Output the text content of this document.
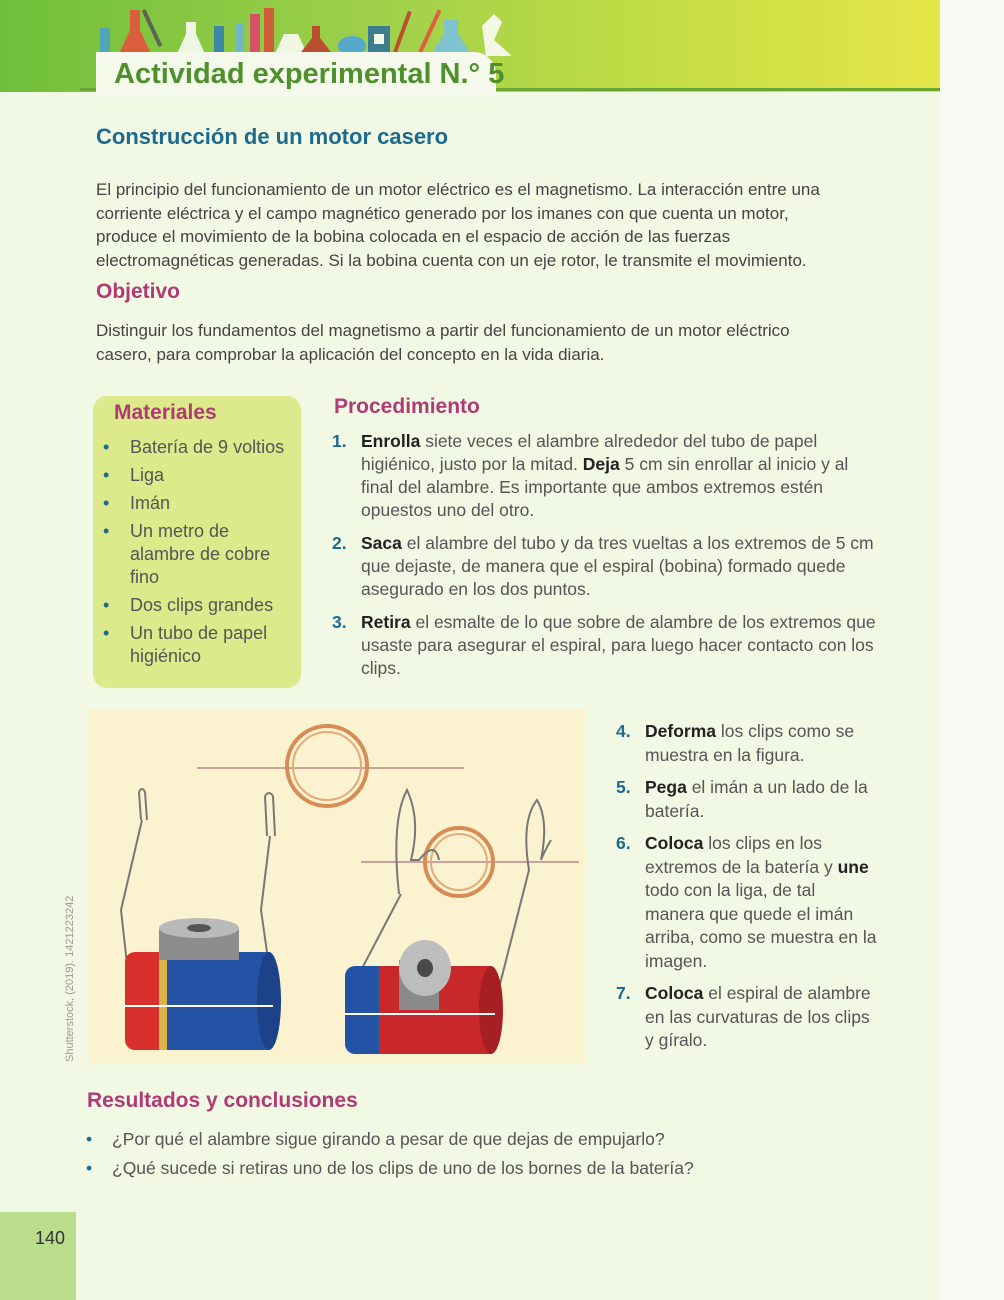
Actividad experimental N.° 5
Construcción de un motor casero
El principio del funcionamiento de un motor eléctrico es el magnetismo. La interacción entre una corriente eléctrica y el campo magnético generado por los imanes con que cuenta un motor, produce el movimiento de la bobina colocada en el espacio de acción de las fuerzas electromagnéticas generadas. Si la bobina cuenta con un eje rotor, le transmite el movimiento.
Objetivo
Distinguir los fundamentos del magnetismo a partir del funcionamiento de un motor eléctrico casero, para comprobar la aplicación del concepto en la vida diaria.
Materiales
• Batería de 9 voltios
• Liga
• Imán
• Un metro de alambre de cobre fino
• Dos clips grandes
• Un tubo de papel higiénico
Procedimiento
1. Enrolla siete veces el alambre alrededor del tubo de papel higiénico, justo por la mitad. Deja 5 cm sin enrollar al inicio y al final del alambre. Es importante que ambos extremos estén opuestos uno del otro.
2. Saca el alambre del tubo y da tres vueltas a los extremos de 5 cm que dejaste, de manera que el espiral (bobina) formado quede asegurado en los dos puntos.
3. Retira el esmalte de lo que sobre de alambre de los extremos que usaste para asegurar el espiral, para luego hacer contacto con los clips.
Shutterstock, (2019). 1421223242
4. Deforma los clips como se muestra en la figura.
5. Pega el imán a un lado de la batería.
6. Coloca los clips en los extremos de la batería y une todo con la liga, de tal manera que quede el imán arriba, como se muestra en la imagen.
7. Coloca el espiral de alambre en las curvaturas de los clips y gíralo.
Resultados y conclusiones
• ¿Por qué el alambre sigue girando a pesar de que dejas de empujarlo?
• ¿Qué sucede si retiras uno de los clips de uno de los bornes de la batería?
140
